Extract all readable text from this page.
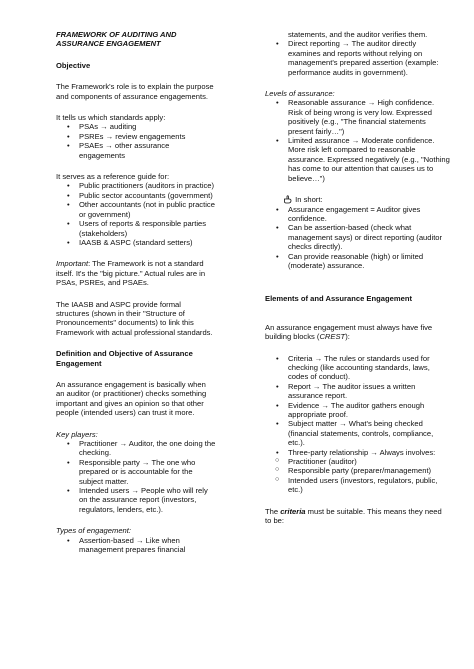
FRAMEWORK OF AUDITING AND
ASSURANCE ENGAGEMENT

Objective

The Framework's role is to explain the purpose and components of assurance engagements.

It tells us which standards apply:

• PSAs → auditing
• PSREs → review engagements
• PSAEs → other assurance engagements

It serves as a reference guide for:

• Public practitioners (auditors in practice)
• Public sector accountants (government)
• Other accountants (not in public practice or government)
• Users of reports & responsible parties (stakeholders)
• IAASB & ASPC (standard setters)

Important: The Framework is not a standard itself. It's the "big picture." Actual rules are in PSAs, PSREs, and PSAEs.

The IAASB and ASPC provide formal structures (shown in their "Structure of Pronouncements" documents) to link this Framework with actual professional standards.

Definition and Objective of Assurance Engagement

An assurance engagement is basically when an auditor (or practitioner) checks something important and gives an opinion so that other people (intended users) can trust it more.

Key players:

• Practitioner → Auditor, the one doing the checking.
• Responsible party → The one who prepared or is accountable for the subject matter.
• Intended users → People who will rely on the assurance report (investors, regulators, lenders, etc.).

Types of engagement:

• Assertion-based → Like when management prepares financial

statements, and the auditor verifies them.

• Direct reporting → The auditor directly examines and reports without relying on management's prepared assertion (example: performance audits in government).

Levels of assurance:

• Reasonable assurance → High confidence. Risk of being wrong is very low. Expressed positively (e.g., "The financial statements present fairly…")
• Limited assurance → Moderate confidence. More risk left compared to reasonable assurance. Expressed negatively (e.g., "Nothing has come to our attention that causes us to believe…")

In short:

• Assurance engagement = Auditor gives confidence.
• Can be assertion-based (check what management says) or direct reporting (auditor checks directly).
• Can provide reasonable (high) or limited (moderate) assurance.

Elements of and Assurance Engagement

An assurance engagement must always have five building blocks (CREST):

• Criteria → The rules or standards used for checking (like accounting standards, laws, codes of conduct).
• Report → The auditor issues a written assurance report.
• Evidence → The auditor gathers enough appropriate proof.
• Subject matter → What's being checked (financial statements, controls, compliance, etc.).
• Three-party relationship → Always involves:
○ Practitioner (auditor)
○ Responsible party (preparer/management)
○ Intended users (investors, regulators, public, etc.)

The criteria must be suitable. This means they need to be:
